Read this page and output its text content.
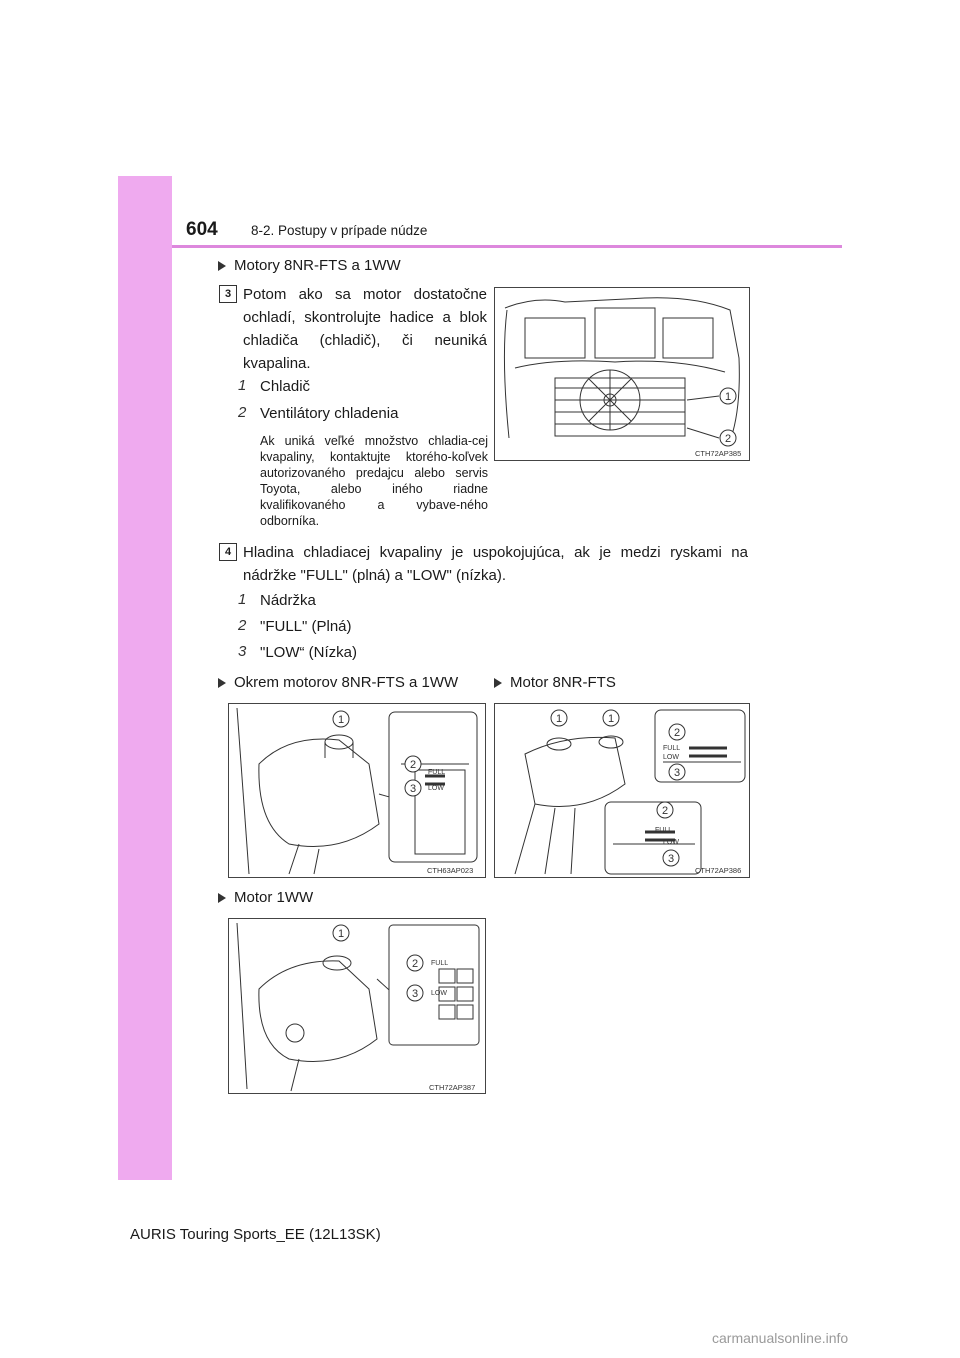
604 8-2. Postupy v prípade núdze
Motory 8NR-FTS a 1WW
3 Potom ako sa motor dostatočne ochladí, skontrolujte hadice a blok chladiča (chladič), či neuniká kvapalina.
1 Chladič
2 Ventilátory chladenia
Ak uniká veľké množstvo chladia-cej kvapaliny, kontaktujte ktorého-koľvek autorizovaného predajcu alebo servis Toyota, alebo iného riadne kvalifikovaného a vybave-ného odborníka.
1
2
CTH72AP385
4 Hladina chladiacej kvapaliny je uspokojujúca, ak je medzi ryskami na nádržke "FULL" (plná) a "LOW" (nízka).
1 Nádržka
2 "FULL" (Plná)
3 "LOW“ (Nízka)
Okrem motorov 8NR-FTS a 1WW	Motor 8NR-FTS
FULL
LOW
1
2
3
CTH63AP023
FULL
LOW
FULL
LOW
1	1
2
3
2
3
CTH72AP386
Motor 1WW
FULL
LOW
1
2
3
CTH72AP387
AURIS Touring Sports_EE (12L13SK)
carmanualsonline.info
